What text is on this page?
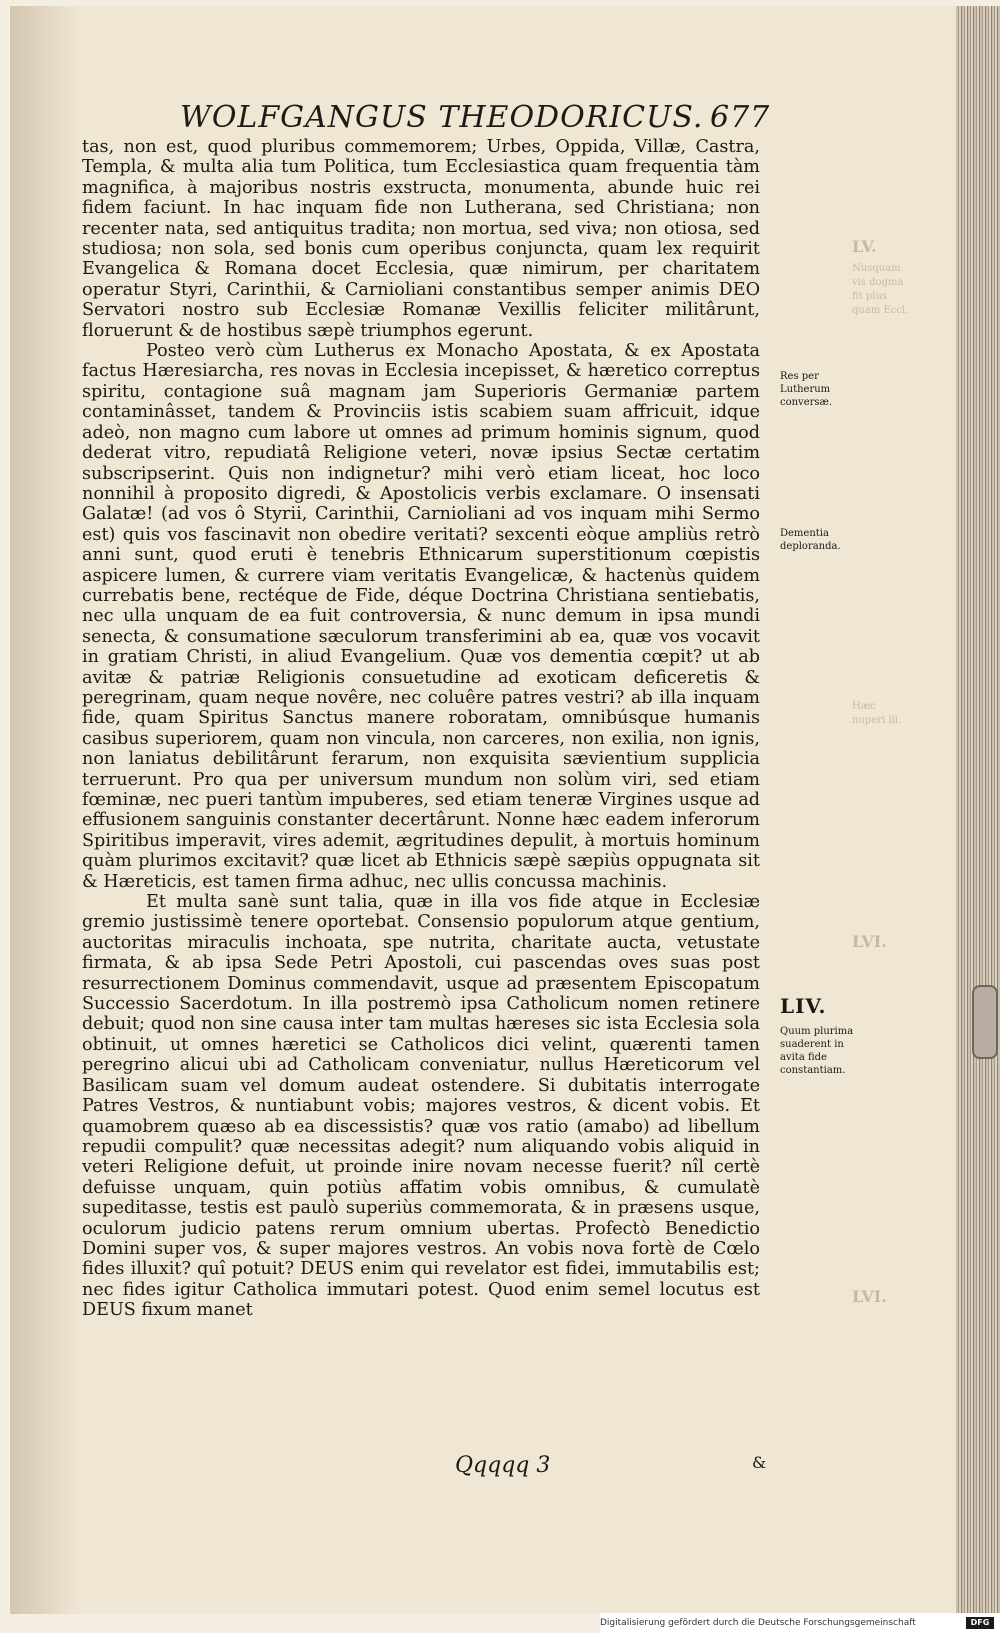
WOLFGANGUS THEODORICUS. 677

tas, non est, quod pluribus commemorem; Urbes, Oppida, Villæ, Castra, Templa, & multa alia tum Politica, tum Ecclesiastica quam frequentia tàm magnifica, à majoribus nostris exstructa, monumenta, abunde huic rei fidem faciunt. In hac inquam fide non Lutherana, sed Christiana; non recenter nata, sed antiquitus tradita; non mortua, sed viva; non otiosa, sed studiosa; non sola, sed bonis cum operibus conjuncta, quam lex requirit Evangelica & Romana docet Ecclesia, quæ nimirum, per charitatem operatur Styri, Carinthii, & Carnioliani constantibus semper animis DEO Servatori nostro sub Ecclesiæ Romanæ Vexillis feliciter militârunt, floruerunt & de hostibus sæpè triumphos egerunt.

Posteo verò cùm Lutherus ex Monacho Apostata, & ex Apostata factus Hæresiarcha, res novas in Ecclesia incepisset, & hæretico correptus spiritu, contagione suâ magnam jam Superioris Germaniæ partem contaminâsset, tandem & Provinciis istis scabiem suam affricuit, idque adeò, non magno cum labore ut omnes ad primum hominis signum, quod dederat vitro, repudiatâ Religione veteri, novæ ipsius Sectæ certatim subscripserint. Quis non indignetur? mihi verò etiam liceat, hoc loco nonnihil à proposito digredi, & Apostolicis verbis exclamare. O insensati Galatæ! (ad vos ô Styrii, Carinthii, Carnioliani ad vos inquam mihi Sermo est) quis vos fascinavit non obedire veritati? sexcenti eòque ampliùs retrò anni sunt, quod eruti è tenebris Ethnicarum superstitionum cœpistis aspicere lumen, & currere viam veritatis Evangelicæ, & hactenùs quidem currebatis bene, rectéque de Fide, déque Doctrina Christiana sentiebatis, nec ulla unquam de ea fuit controversia, & nunc demum in ipsa mundi senecta, & consumatione sæculorum transferimini ab ea, quæ vos vocavit in gratiam Christi, in aliud Evangelium. Quæ vos dementia cœpit? ut ab avitæ & patriæ Religionis consuetudine ad exoticam deficeretis & peregrinam, quam neque novêre, nec coluêre patres vestri? ab illa inquam fide, quam Spiritus Sanctus manere roboratam, omnibúsque humanis casibus superiorem, quam non vincula, non carceres, non exilia, non ignis, non laniatus debilitârunt ferarum, non exquisita sævientium supplicia terruerunt. Pro qua per universum mundum non solùm viri, sed etiam fœminæ, nec pueri tantùm impuberes, sed etiam teneræ Virgines usque ad effusionem sanguinis constanter decertârunt. Nonne hæc eadem inferorum Spiritibus imperavit, vires ademit, ægritudines depulit, à mortuis hominum quàm plurimos excitavit? quæ licet ab Ethnicis sæpè sæpiùs oppugnata sit & Hæreticis, est tamen firma adhuc, nec ullis concussa machinis.

Et multa sanè sunt talia, quæ in illa vos fide atque in Ecclesiæ gremio justissimè tenere oportebat. Consensio populorum atque gentium, auctoritas miraculis inchoata, spe nutrita, charitate aucta, vetustate firmata, & ab ipsa Sede Petri Apostoli, cui pascendas oves suas post resurrectionem Dominus commendavit, usque ad præsentem Episcopatum Successio Sacerdotum. In illa postremò ipsa Catholicum nomen retinere debuit; quod non sine causa inter tam multas hæreses sic ista Ecclesia sola obtinuit, ut omnes hæretici se Catholicos dici velint, quærenti tamen peregrino alicui ubi ad Catholicam conveniatur, nullus Hæreticorum vel Basilicam suam vel domum audeat ostendere. Si dubitatis interrogate Patres Vestros, & nuntiabunt vobis; majores vestros, & dicent vobis. Et quamobrem quæso ab ea discessistis? quæ vos ratio (amabo) ad libellum repudii compulit? quæ necessitas adegit? num aliquando vobis aliquid in veteri Religione defuit, ut proinde inire novam necesse fuerit? nîl certè defuisse unquam, quin potiùs affatim vobis omnibus, & cumulatè supeditasse, testis est paulò superiùs commemorata, & in præsens usque, oculorum judicio patens rerum omnium ubertas. Profectò Benedictio Domini super vos, & super majores vestros. An vobis nova fortè de Cœlo fides illuxit? quî potuit? DEUS enim qui revelator est fidei, immutabilis est; nec fides igitur Catholica immutari potest. Quod enim semel locutus est DEUS fixum manet

Res per Lutherum conversæ.
Dementia deploranda.
LIV.
Quum plurima suaderent in avita fide constantiam.
LV.
Nusquam vis dogma fit plus quam Eccl.
Hæc nuperi ill.
LVI.
LVI.
Qqqqq 3	&
Digitalisierung gefördert durch die Deutsche Forschungsgemeinschaft	DFG
